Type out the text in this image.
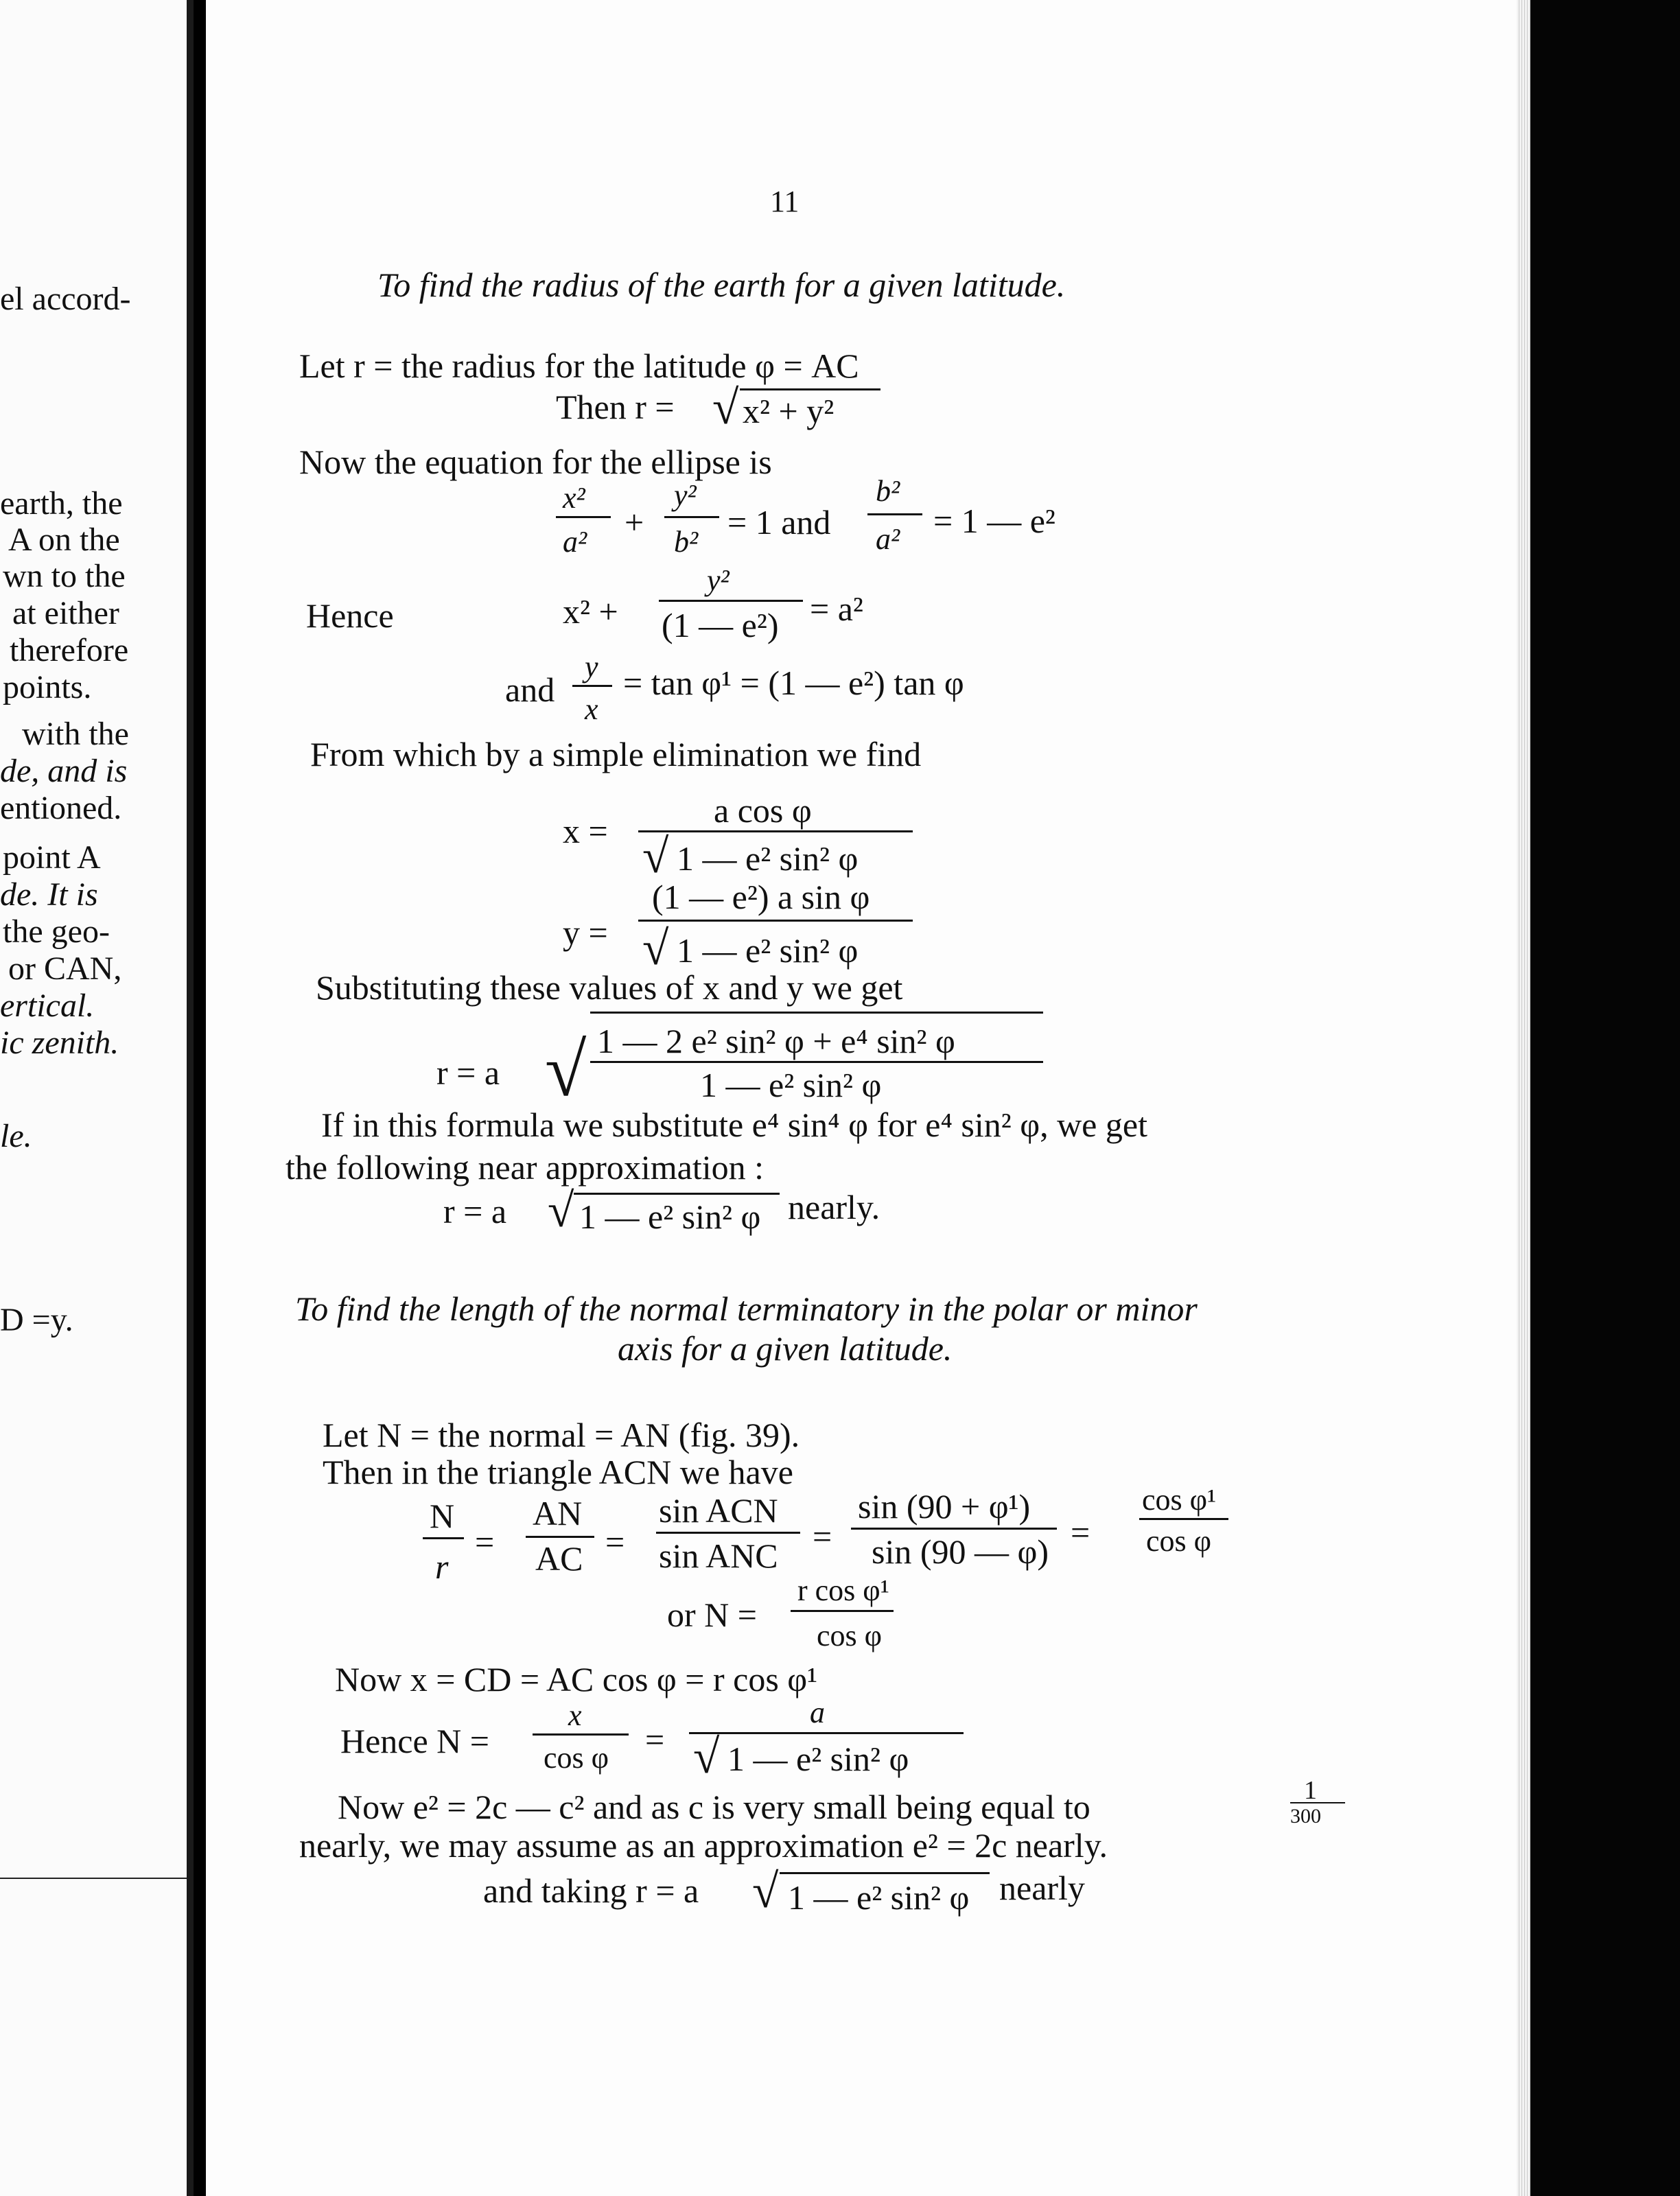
el accord-
earth, the
A on the
wn to the
at either
therefore
points.
with the
de, and is
entioned.
point A
de. It is
the geo-
or CAN,
ertical.
ic zenith.
le.
D =y.
11
To find the radius of the earth for a given latitude.
Let r = the radius for the latitude φ = AC
Then r = √ x² + y²
Now the equation for the ellipse is
x²
a²
+
y²
b²
= 1 and
b²
a² = 1 — e²
Hence	x² +
y²
(1 — e²) = a²
and
y
x
= tan φ¹ = (1 — e²) tan φ
From which by a simple elimination we find
x =
a cos φ
√ 1 — e² sin² φ
y =
(1 — e²) a sin φ
√ 1 — e² sin² φ
Substituting these values of x and y we get
r = a √ 1 — 2 e² sin² φ + e⁴ sin² φ
1 — e² sin² φ
If in this formula we substitute e⁴ sin⁴ φ for e⁴ sin² φ, we get
the following near approximation :
r = a √ 1 — e² sin² φ nearly.
To find the length of the normal terminatory in the polar or minor
axis for a given latitude.
Let N = the normal = AN (fig. 39).
Then in the triangle ACN we have
N
r
=
AN
AC =
sin ACN
sin ANC =
sin (90 + φ¹)
sin (90 — φ) =
cos φ¹
cos φ
or N =
r cos φ¹
cos φ
Now x = CD = AC cos φ = r cos φ¹
Hence N =
x
cos φ =
a
√ 1 — e² sin² φ
Now e² = 2c — c² and as c is very small being equal to	1
300
nearly, we may assume as an approximation e² = 2c nearly.
and taking r = a √ 1 — e² sin² φ nearly
